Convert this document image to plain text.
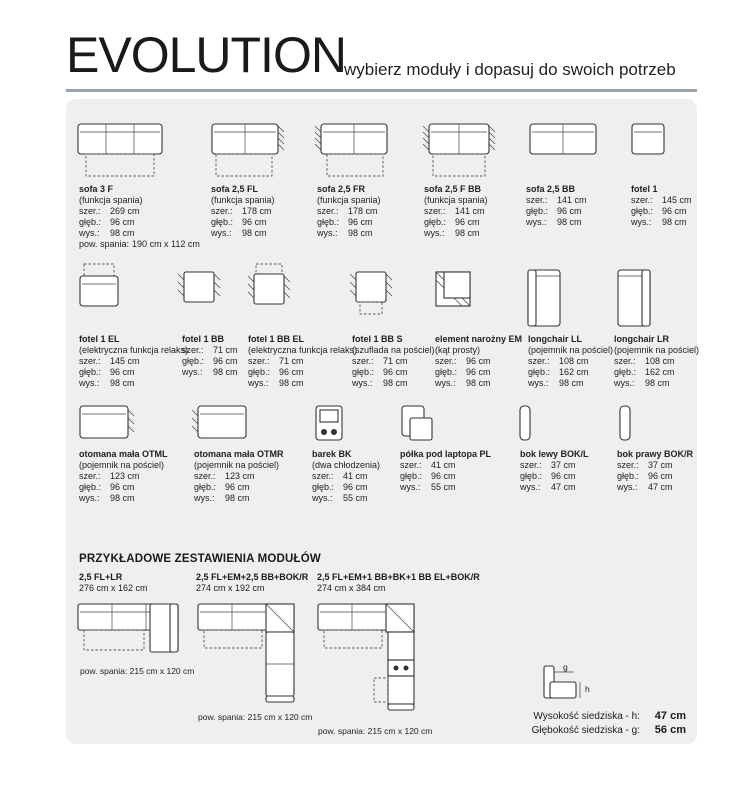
EVOLUTION
wybierz moduły i dopasuj do swoich potrzeb
sofa 3 F
(funkcja spania)
szer.: 269 cm
głęb.: 96 cm
wys.: 98 cm
pow. spania: 190 cm x 112 cm
sofa 2,5 FL
(funkcja spania)
szer.: 178 cm
głęb.: 96 cm
wys.: 98 cm
sofa 2,5 FR
(funkcja spania)
szer.: 178 cm
głęb.: 96 cm
wys.: 98 cm
sofa 2,5 F BB
(funkcja spania)
szer.: 141 cm
głęb.: 96 cm
wys.: 98 cm
sofa 2,5 BB
szer.: 141 cm
głęb.: 96 cm
wys.: 98 cm
fotel 1
szer.: 145 cm
głęb.: 96 cm
wys.: 98 cm
fotel 1 EL
(elektryczna funkcja relaks)
szer.: 145 cm
głęb.: 96 cm
wys.: 98 cm
fotel 1 BB
szer.: 71 cm
głęb.: 96 cm
wys.: 98 cm
fotel 1 BB EL
(elektryczna funkcja relaks)
szer.: 71 cm
głęb.: 96 cm
wys.: 98 cm
fotel 1 BB S
(szuflada na pościel)
szer.: 71 cm
głęb.: 96 cm
wys.: 98 cm
element narożny EM
(kąt prosty)
szer.: 96 cm
głęb.: 96 cm
wys.: 98 cm
longchair LL
(pojemnik na pościel)
szer.: 108 cm
głęb.: 162 cm
wys.: 98 cm
longchair LR
(pojemnik na pościel)
szer.: 108 cm
głęb.: 162 cm
wys.: 98 cm
otomana mała OTML
(pojemnik na pościel)
szer.: 123 cm
głęb.: 96 cm
wys.: 98 cm
otomana mała OTMR
(pojemnik na pościel)
szer.: 123 cm
głęb.: 96 cm
wys.: 98 cm
barek BK
(dwa chłodzenia)
szer.: 41 cm
głęb.: 96 cm
wys.: 55 cm
półka pod laptopa PL
szer.: 41 cm
głęb.: 96 cm
wys.: 55 cm
bok lewy BOK/L
szer.: 37 cm
głęb.: 96 cm
wys.: 47 cm
bok prawy BOK/R
szer.: 37 cm
głęb.: 96 cm
wys.: 47 cm
PRZYKŁADOWE ZESTAWIENIA MODUŁÓW
2,5 FL+LR
276 cm x 162 cm
pow. spania: 215 cm x 120 cm
2,5 FL+EM+2,5 BB+BOK/R
274 cm x 192 cm
pow. spania: 215 cm x 120 cm
2,5 FL+EM+1 BB+BK+1 BB EL+BOK/R
274 cm x 384 cm
pow. spania: 215 cm x 120 cm
g
h
Wysokość siedziska - h: 47 cm
Głębokość siedziska - g: 56 cm
